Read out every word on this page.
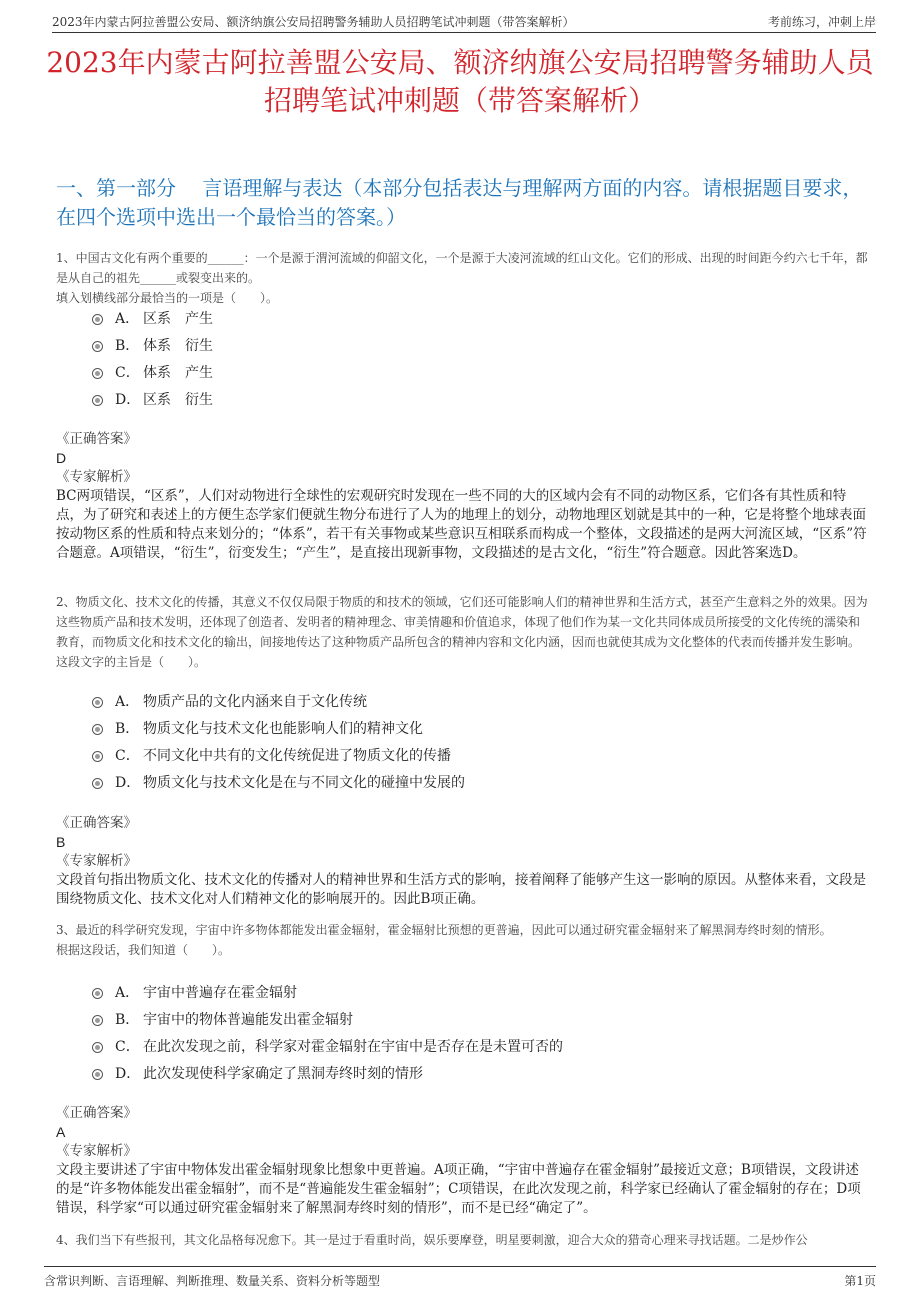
2023年内蒙古阿拉善盟公安局、额济纳旗公安局招聘警务辅助人员招聘笔试冲刺题（带答案解析）	考前练习，冲刺上岸
2023年内蒙古阿拉善盟公安局、额济纳旗公安局招聘警务辅助人员招聘笔试冲刺题（带答案解析）
一、第一部分　 言语理解与表达（本部分包括表达与理解两方面的内容。请根据题目要求，在四个选项中选出一个最恰当的答案。）
1、中国古文化有两个重要的______：一个是源于渭河流域的仰韶文化，一个是源于大凌河流域的红山文化。它们的形成、出现的时间距今约六七千年，都是从自己的祖先______或裂变出来的。
填入划横线部分最恰当的一项是（　　）。
A． 区系　产生
B． 体系　衍生
C． 体系　产生
D． 区系　衍生
《正确答案》
D
《专家解析》
BC两项错误，“区系”，人们对动物进行全球性的宏观研究时发现在一些不同的大的区域内会有不同的动物区系，它们各有其性质和特点，为了研究和表述上的方便生态学家们便就生物分布进行了人为的地理上的划分，动物地理区划就是其中的一种，它是将整个地球表面按动物区系的性质和特点来划分的；“体系”，若干有关事物或某些意识互相联系而构成一个整体，文段描述的是两大河流区域，“区系”符合题意。A项错误，“衍生”，衍变发生；“产生”，是直接出现新事物，文段描述的是古文化，“衍生”符合题意。因此答案选D。
2、物质文化、技术文化的传播，其意义不仅仅局限于物质的和技术的领域，它们还可能影响人们的精神世界和生活方式，甚至产生意料之外的效果。因为这些物质产品和技术发明，还体现了创造者、发明者的精神理念、审美情趣和价值追求，体现了他们作为某一文化共同体成员所接受的文化传统的濡染和教育，而物质文化和技术文化的输出，间接地传达了这种物质产品所包含的精神内容和文化内涵，因而也就使其成为文化整体的代表而传播并发生影响。
这段文字的主旨是（　　）。
A． 物质产品的文化内涵来自于文化传统
B． 物质文化与技术文化也能影响人们的精神文化
C． 不同文化中共有的文化传统促进了物质文化的传播
D． 物质文化与技术文化是在与不同文化的碰撞中发展的
《正确答案》
B
《专家解析》
文段首句指出物质文化、技术文化的传播对人的精神世界和生活方式的影响，接着阐释了能够产生这一影响的原因。从整体来看，文段是围绕物质文化、技术文化对人们精神文化的影响展开的。因此B项正确。
3、最近的科学研究发现，宇宙中许多物体都能发出霍金辐射，霍金辐射比预想的更普遍，因此可以通过研究霍金辐射来了解黑洞寿终时刻的情形。
根据这段话，我们知道（　　）。
A． 宇宙中普遍存在霍金辐射
B． 宇宙中的物体普遍能发出霍金辐射
C． 在此次发现之前，科学家对霍金辐射在宇宙中是否存在是未置可否的
D． 此次发现使科学家确定了黑洞寿终时刻的情形
《正确答案》
A
《专家解析》
文段主要讲述了宇宙中物体发出霍金辐射现象比想象中更普遍。A项正确，“宇宙中普遍存在霍金辐射”最接近文意；B项错误，文段讲述的是“许多物体能发出霍金辐射”，而不是“普遍能发生霍金辐射”；C项错误，在此次发现之前，科学家已经确认了霍金辐射的存在；D项错误，科学家“可以通过研究霍金辐射来了解黑洞寿终时刻的情形”，而不是已经“确定了”。
4、我们当下有些报刊，其文化品格每况愈下。其一是过于看重时尚，娱乐要摩登，明星要刺激，迎合大众的猎奇心理来寻找话题。二是炒作公
含常识判断、言语理解、判断推理、数量关系、资料分析等题型	第1页
